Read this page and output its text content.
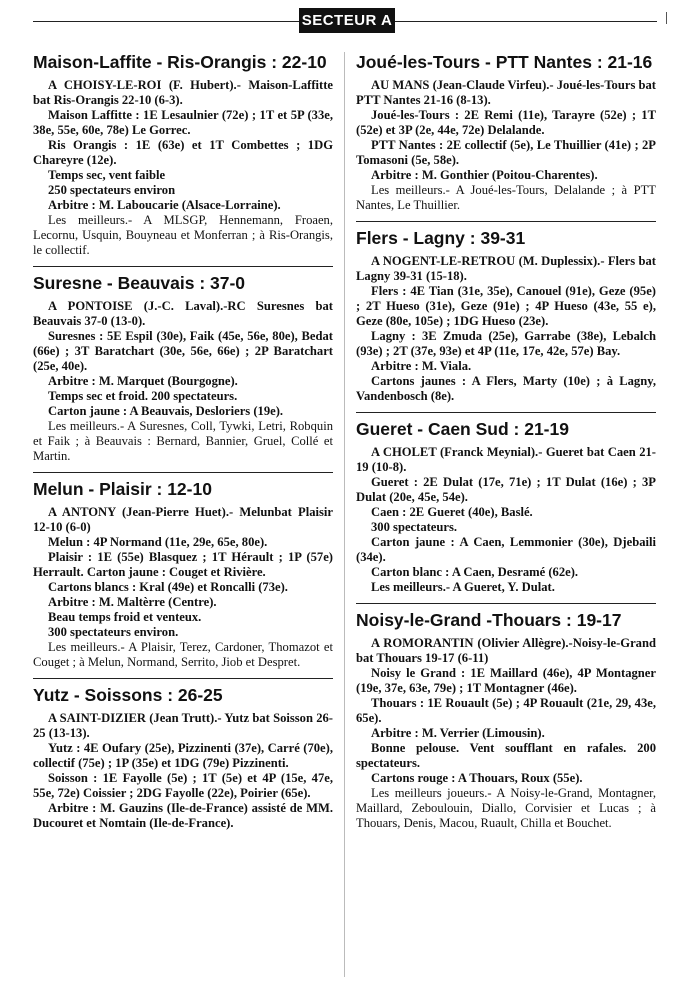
SECTEUR A
Maison-Laffite - Ris-Orangis : 22-10

A CHOISY-LE-ROI (F. Hubert).- Maison-Laffitte bat Ris-Orangis 22-10 (6-3).

Maison Laffitte : 1E Lesaulnier (72e) ; 1T et 5P (33e, 38e, 55e, 60e, 78e) Le Gorrec.

Ris Orangis : 1E (63e) et 1T Combettes ; 1DG Chareyre (12e).

Temps sec, vent faible

250 spectateurs environ

Arbitre : M. Laboucarie (Alsace-Lorraine).

Les meilleurs.- A MLSGP, Hennemann, Froaen, Lecornu, Usquin, Bouyneau et Monferran ; à Ris-Orangis, le collectif.

Suresne - Beauvais : 37-0

A PONTOISE (J.-C. Laval).-RC Suresnes bat Beauvais 37-0 (13-0).

Suresnes : 5E Espil (30e), Faik (45e, 56e, 80e), Bedat (66e) ; 3T Baratchart (30e, 56e, 66e) ; 2P Baratchart (25e, 40e).

Arbitre : M. Marquet (Bourgogne).

Temps sec et froid. 200 spectateurs.

Carton jaune : A Beauvais, Desloriers (19e).

Les meilleurs.- A Suresnes, Coll, Tywki, Letri, Robquin et Faik ; à Beauvais : Bernard, Bannier, Gruel, Collé et Martin.

Melun - Plaisir : 12-10

A ANTONY (Jean-Pierre Huet).- Melunbat Plaisir 12-10 (6-0)

Melun : 4P Normand (11e, 29e, 65e, 80e).

Plaisir : 1E (55e) Blasquez ; 1T Hérault ; 1P (57e) Herrault. Carton jaune : Couget et Rivière.

Cartons blancs : Kral (49e) et Roncalli (73e).

Arbitre : M. Maltèrre (Centre).

Beau temps froid et venteux.

300 spectateurs environ.

Les meilleurs.- A Plaisir, Terez, Cardoner, Thomazot et Couget ; à Melun, Normand, Serrito, Jiob et Despret.

Yutz - Soissons : 26-25

A SAINT-DIZIER (Jean Trutt).- Yutz bat Soisson 26-25 (13-13).

Yutz : 4E Oufary (25e), Pizzinenti (37e), Carré (70e), collectif (75e) ; 1P (35e) et 1DG (79e) Pizzinenti.

Soisson : 1E Fayolle (5e) ; 1T (5e) et 4P (15e, 47e, 55e, 72e) Coissier ; 2DG Fayolle (22e), Poirier (65e).

Arbitre : M. Gauzins (Ile-de-France) assisté de MM. Ducouret et Nomtain (Ile-de-France).

Joué-les-Tours - PTT Nantes : 21-16

AU MANS (Jean-Claude Virfeu).- Joué-les-Tours bat PTT Nantes 21-16 (8-13).

Joué-les-Tours : 2E Remi (11e), Tarayre (52e) ; 1T (52e) et 3P (2e, 44e, 72e) Delalande.

PTT Nantes : 2E collectif (5e), Le Thuillier (41e) ; 2P Tomasoni (5e, 58e).

Arbitre : M. Gonthier (Poitou-Charentes).

Les meilleurs.- A Joué-les-Tours, Delalande ; à PTT Nantes, Le Thuillier.

Flers - Lagny : 39-31

A NOGENT-LE-RETROU (M. Duplessix).- Flers bat Lagny 39-31 (15-18).

Flers : 4E Tian (31e, 35e), Canouel (91e), Geze (95e) ; 2T Hueso (31e), Geze (91e) ; 4P Hueso (43e, 55 e), Geze (80e, 105e) ; 1DG Hueso (23e).

Lagny : 3E Zmuda (25e), Garrabe (38e), Lebalch (93e) ; 2T (37e, 93e) et 4P (11e, 17e, 42e, 57e) Bay.

Arbitre : M. Viala.

Cartons jaunes : A Flers, Marty (10e) ; à Lagny, Vandenbosch (8e).

Gueret - Caen Sud : 21-19

A CHOLET (Franck Meynial).- Gueret bat Caen 21-19 (10-8).

Gueret : 2E Dulat (17e, 71e) ; 1T Dulat (16e) ; 3P Dulat (20e, 45e, 54e).

Caen : 2E Gueret (40e), Baslé.

300 spectateurs.

Carton jaune : A Caen, Lemmonier (30e), Djebaili (34e).

Carton blanc : A Caen, Desramé (62e).

Les meilleurs.- A Gueret, Y. Dulat.

Noisy-le-Grand -Thouars : 19-17

A ROMORANTIN (Olivier Allègre).-Noisy-le-Grand bat Thouars 19-17 (6-11)

Noisy le Grand : 1E Maillard (46e), 4P Montagner (19e, 37e, 63e, 79e) ; 1T Montagner (46e).

Thouars : 1E Rouault (5e) ; 4P Rouault (21e, 29, 43e, 65e).

Arbitre : M. Verrier (Limousin).

Bonne pelouse. Vent soufflant en rafales. 200 spectateurs.

Cartons rouge : A Thouars, Roux (55e).

Les meilleurs joueurs.- A Noisy-le-Grand, Montagner, Maillard, Zeboulouin, Diallo, Corvisier et Lucas ; à Thouars, Denis, Macou, Ruault, Chilla et Bouchet.
